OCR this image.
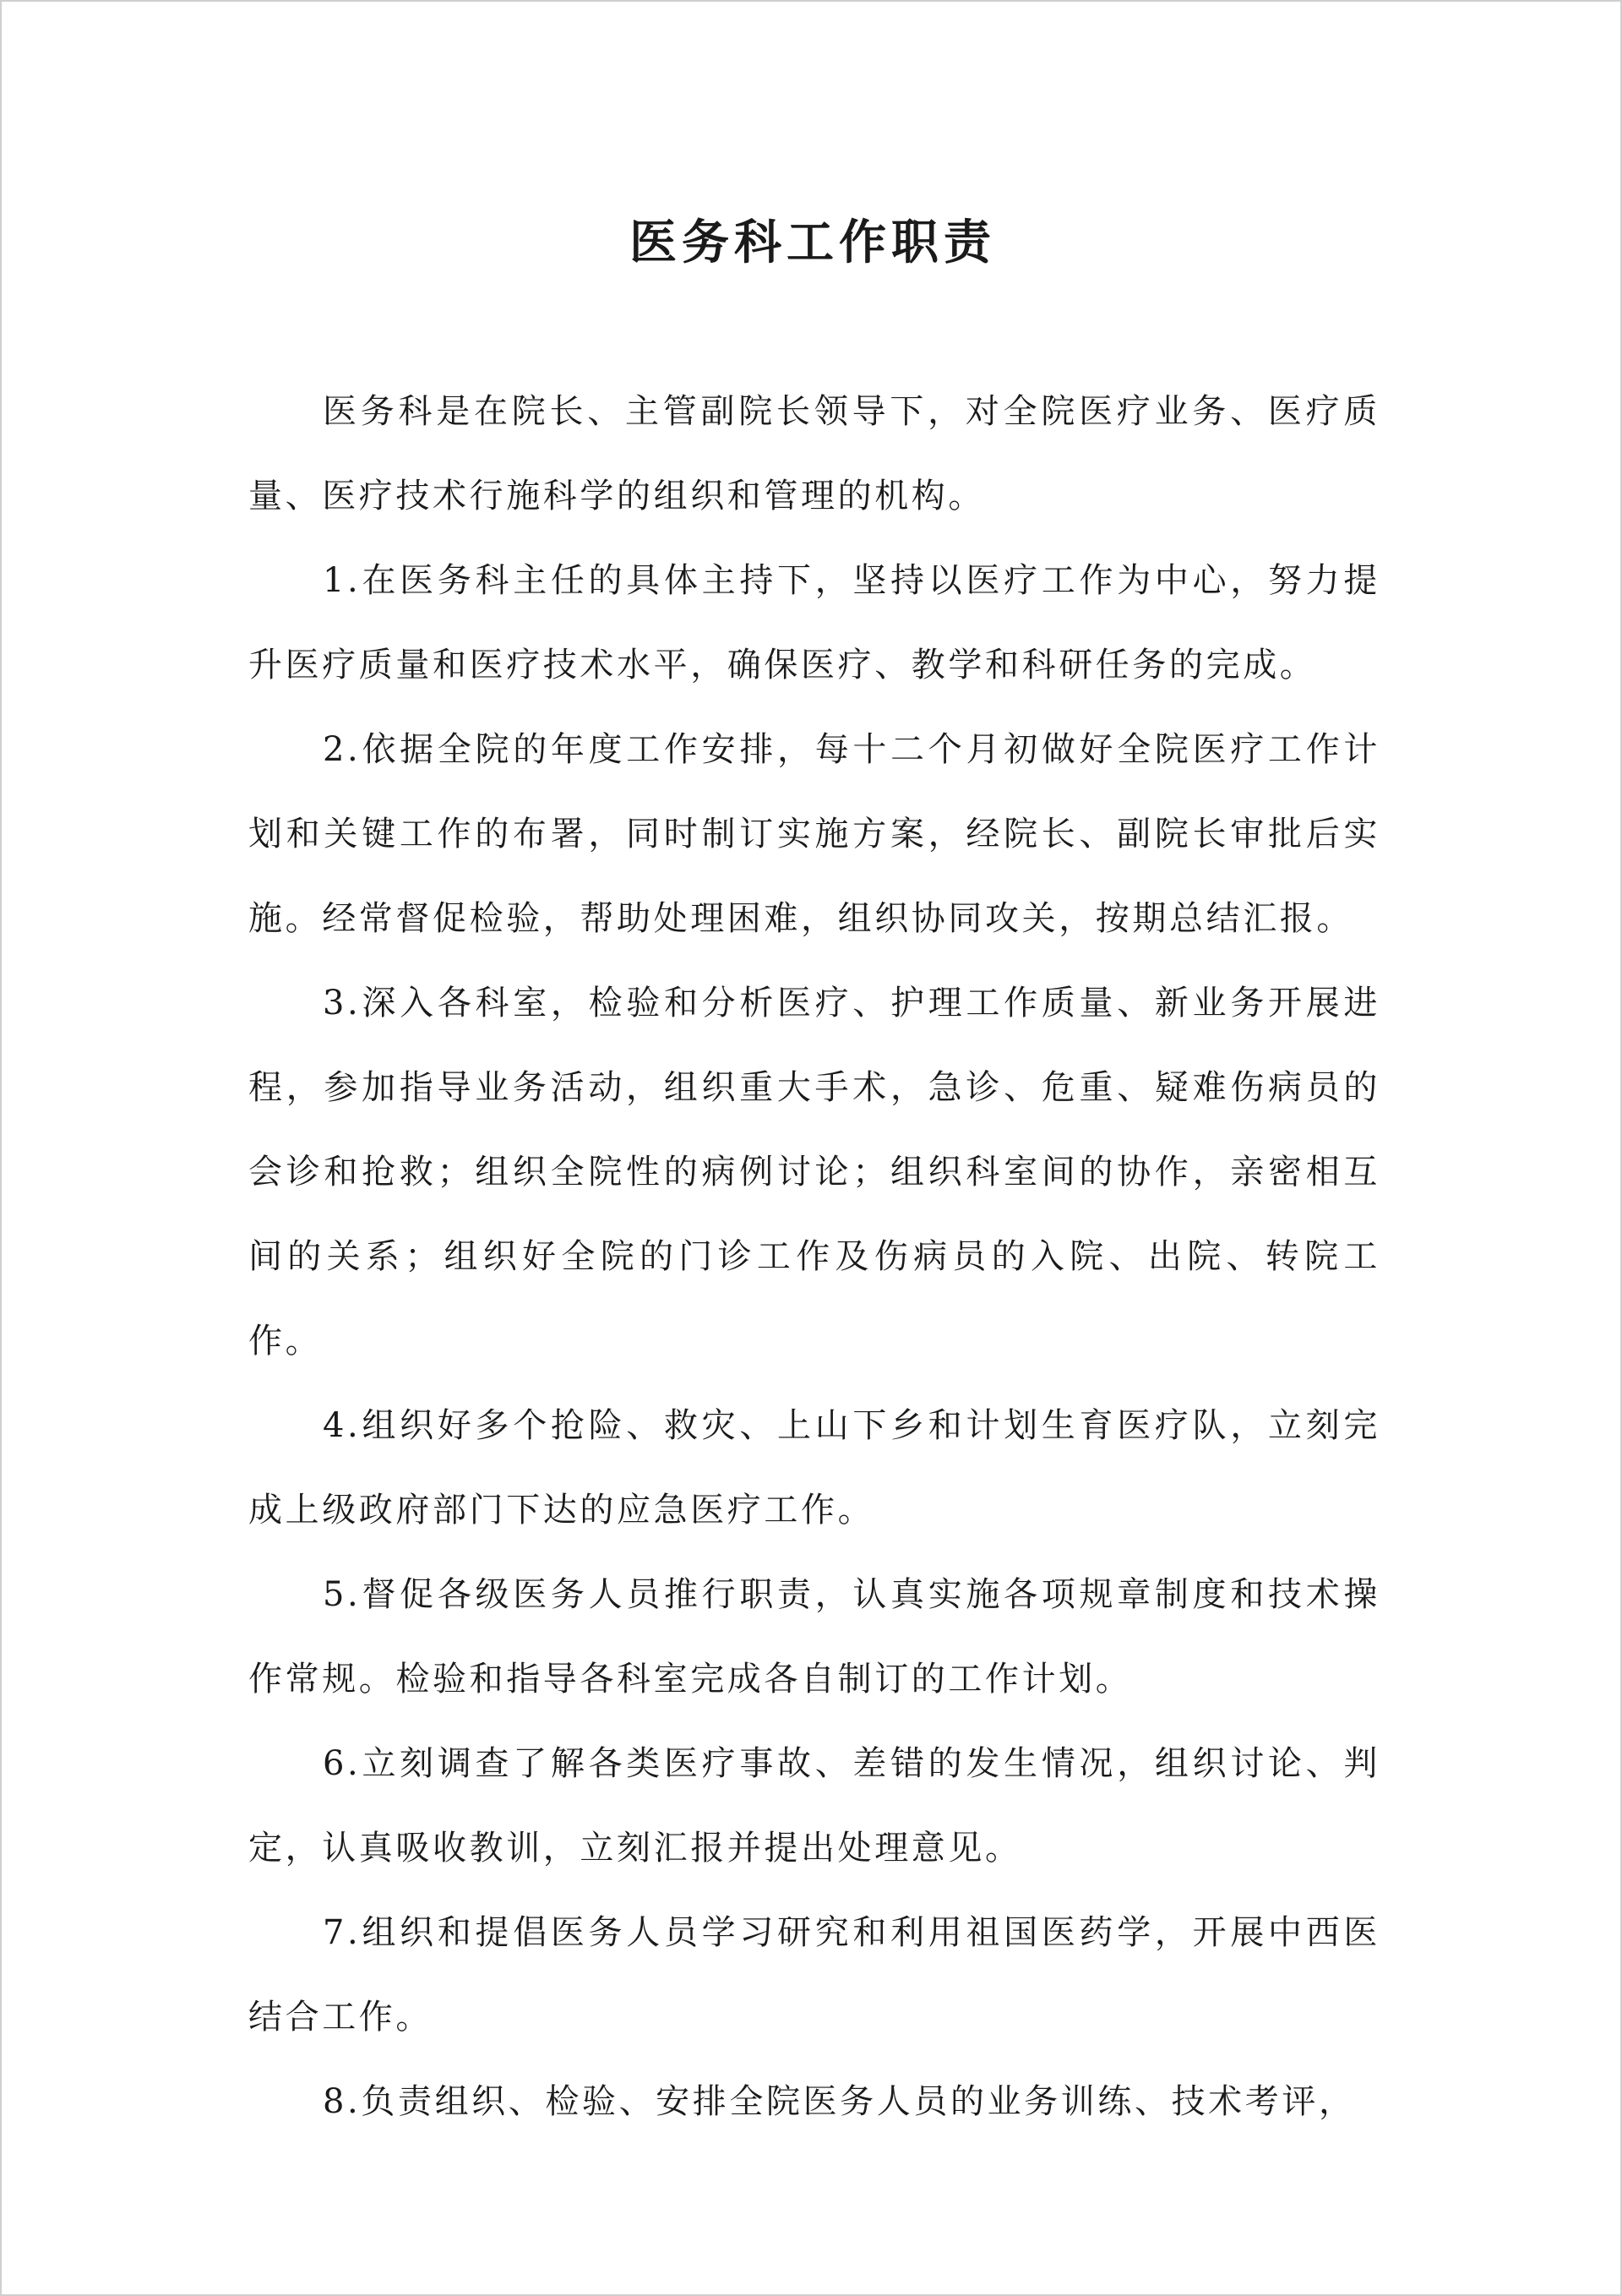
医务科工作职责

医务科是在院长、主管副院长领导下，对全院医疗业务、医疗质量、医疗技术行施科学的组织和管理的机构。

1.在医务科主任的具体主持下，坚持以医疗工作为中心，努力提升医疗质量和医疗技术水平，确保医疗、教学和科研任务的完成。

2.依据全院的年度工作安排，每十二个月初做好全院医疗工作计划和关键工作的布署，同时制订实施方案，经院长、副院长审批后实施。经常督促检验，帮助处理困难，组织协同攻关，按期总结汇报。

3.深入各科室，检验和分析医疗、护理工作质量、新业务开展进程，参加指导业务活动，组织重大手术，急诊、危重、疑难伤病员的会诊和抢救；组织全院性的病例讨论；组织科室间的协作，亲密相互间的关系；组织好全院的门诊工作及伤病员的入院、出院、转院工作。

4.组织好多个抢险、救灾、上山下乡和计划生育医疗队，立刻完成上级政府部门下达的应急医疗工作。

5.督促各级医务人员推行职责，认真实施各项规章制度和技术操作常规。检验和指导各科室完成各自制订的工作计划。

6.立刻调查了解各类医疗事故、差错的发生情况，组织讨论、判定，认真吸收教训，立刻汇报并提出处理意见。

7.组织和提倡医务人员学习研究和利用祖国医药学，开展中西医结合工作。

8.负责组织、检验、安排全院医务人员的业务训练、技术考评，
